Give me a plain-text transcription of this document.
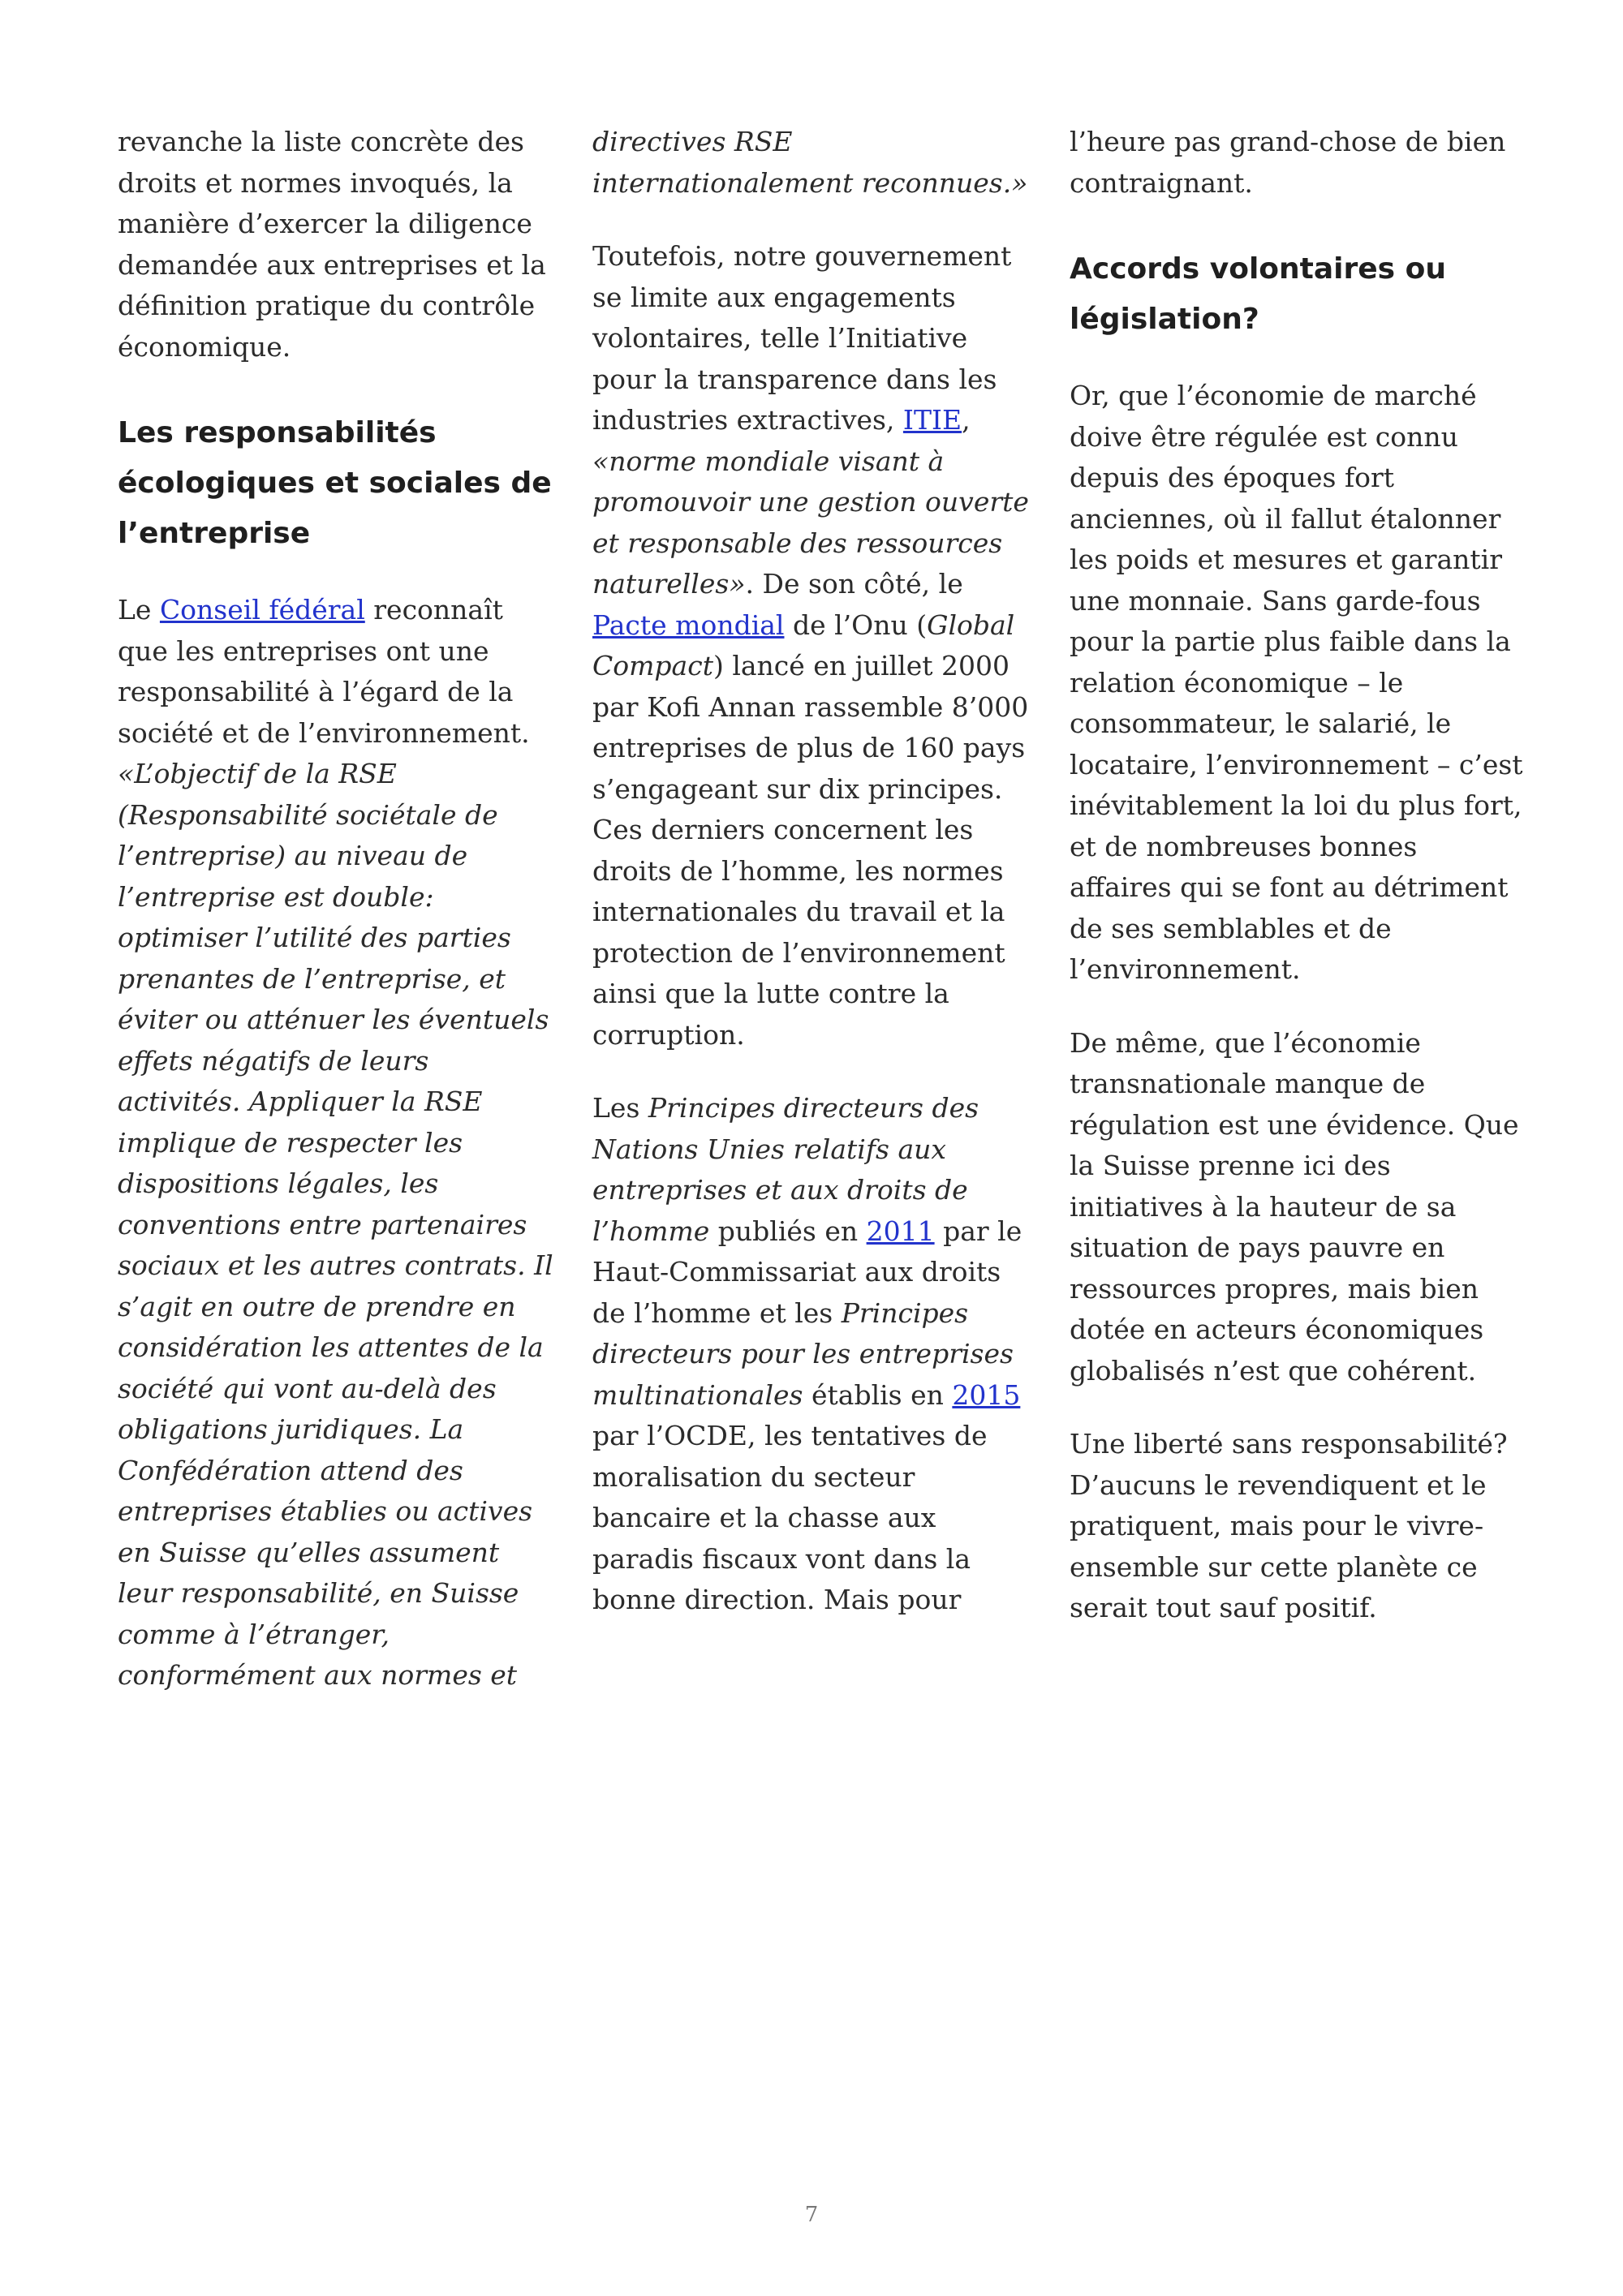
revanche la liste concrète des droits et normes invoqués, la manière d’exercer la diligence demandée aux entreprises et la définition pratique du contrôle économique.

Les responsabilités écologiques et sociales de l’entreprise

Le Conseil fédéral reconnaît que les entreprises ont une responsabilité à l’égard de la société et de l’environnement. «L’objectif de la RSE (Responsabilité sociétale de l’entreprise) au niveau de l’entreprise est double: optimiser l’utilité des parties prenantes de l’entreprise, et éviter ou atténuer les éventuels effets négatifs de leurs activités. Appliquer la RSE implique de respecter les dispositions légales, les conventions entre partenaires sociaux et les autres contrats. Il s’agit en outre de prendre en considération les attentes de la société qui vont au-delà des obligations juridiques. La Confédération attend des entreprises établies ou actives en Suisse qu’elles assument leur responsabilité, en Suisse comme à l’étranger, conformément aux normes et

directives RSE internationalement reconnues.»

Toutefois, notre gouvernement se limite aux engagements volontaires, telle l’Initiative pour la transparence dans les industries extractives, ITIE, «norme mondiale visant à promouvoir une gestion ouverte et responsable des ressources naturelles». De son côté, le Pacte mondial de l’Onu (Global Compact) lancé en juillet 2000 par Kofi Annan rassemble 8’000 entreprises de plus de 160 pays s’engageant sur dix principes. Ces derniers concernent les droits de l’homme, les normes internationales du travail et la protection de l’environnement ainsi que la lutte contre la corruption.

Les Principes directeurs des Nations Unies relatifs aux entreprises et aux droits de l’homme publiés en 2011 par le Haut-Commissariat aux droits de l’homme et les Principes directeurs pour les entreprises multinationales établis en 2015 par l’OCDE, les tentatives de moralisation du secteur bancaire et la chasse aux paradis fiscaux vont dans la bonne direction. Mais pour

l’heure pas grand-chose de bien contraignant.

Accords volontaires ou législation?

Or, que l’économie de marché doive être régulée est connu depuis des époques fort anciennes, où il fallut étalonner les poids et mesures et garantir une monnaie. Sans garde-fous pour la partie plus faible dans la relation économique – le consommateur, le salarié, le locataire, l’environnement – c’est inévitablement la loi du plus fort, et de nombreuses bonnes affaires qui se font au détriment de ses semblables et de l’environnement.

De même, que l’économie transnationale manque de régulation est une évidence. Que la Suisse prenne ici des initiatives à la hauteur de sa situation de pays pauvre en ressources propres, mais bien dotée en acteurs économiques globalisés n’est que cohérent.

Une liberté sans responsabilité? D’aucuns le revendiquent et le pratiquent, mais pour le vivre-ensemble sur cette planète ce serait tout sauf positif.

7
